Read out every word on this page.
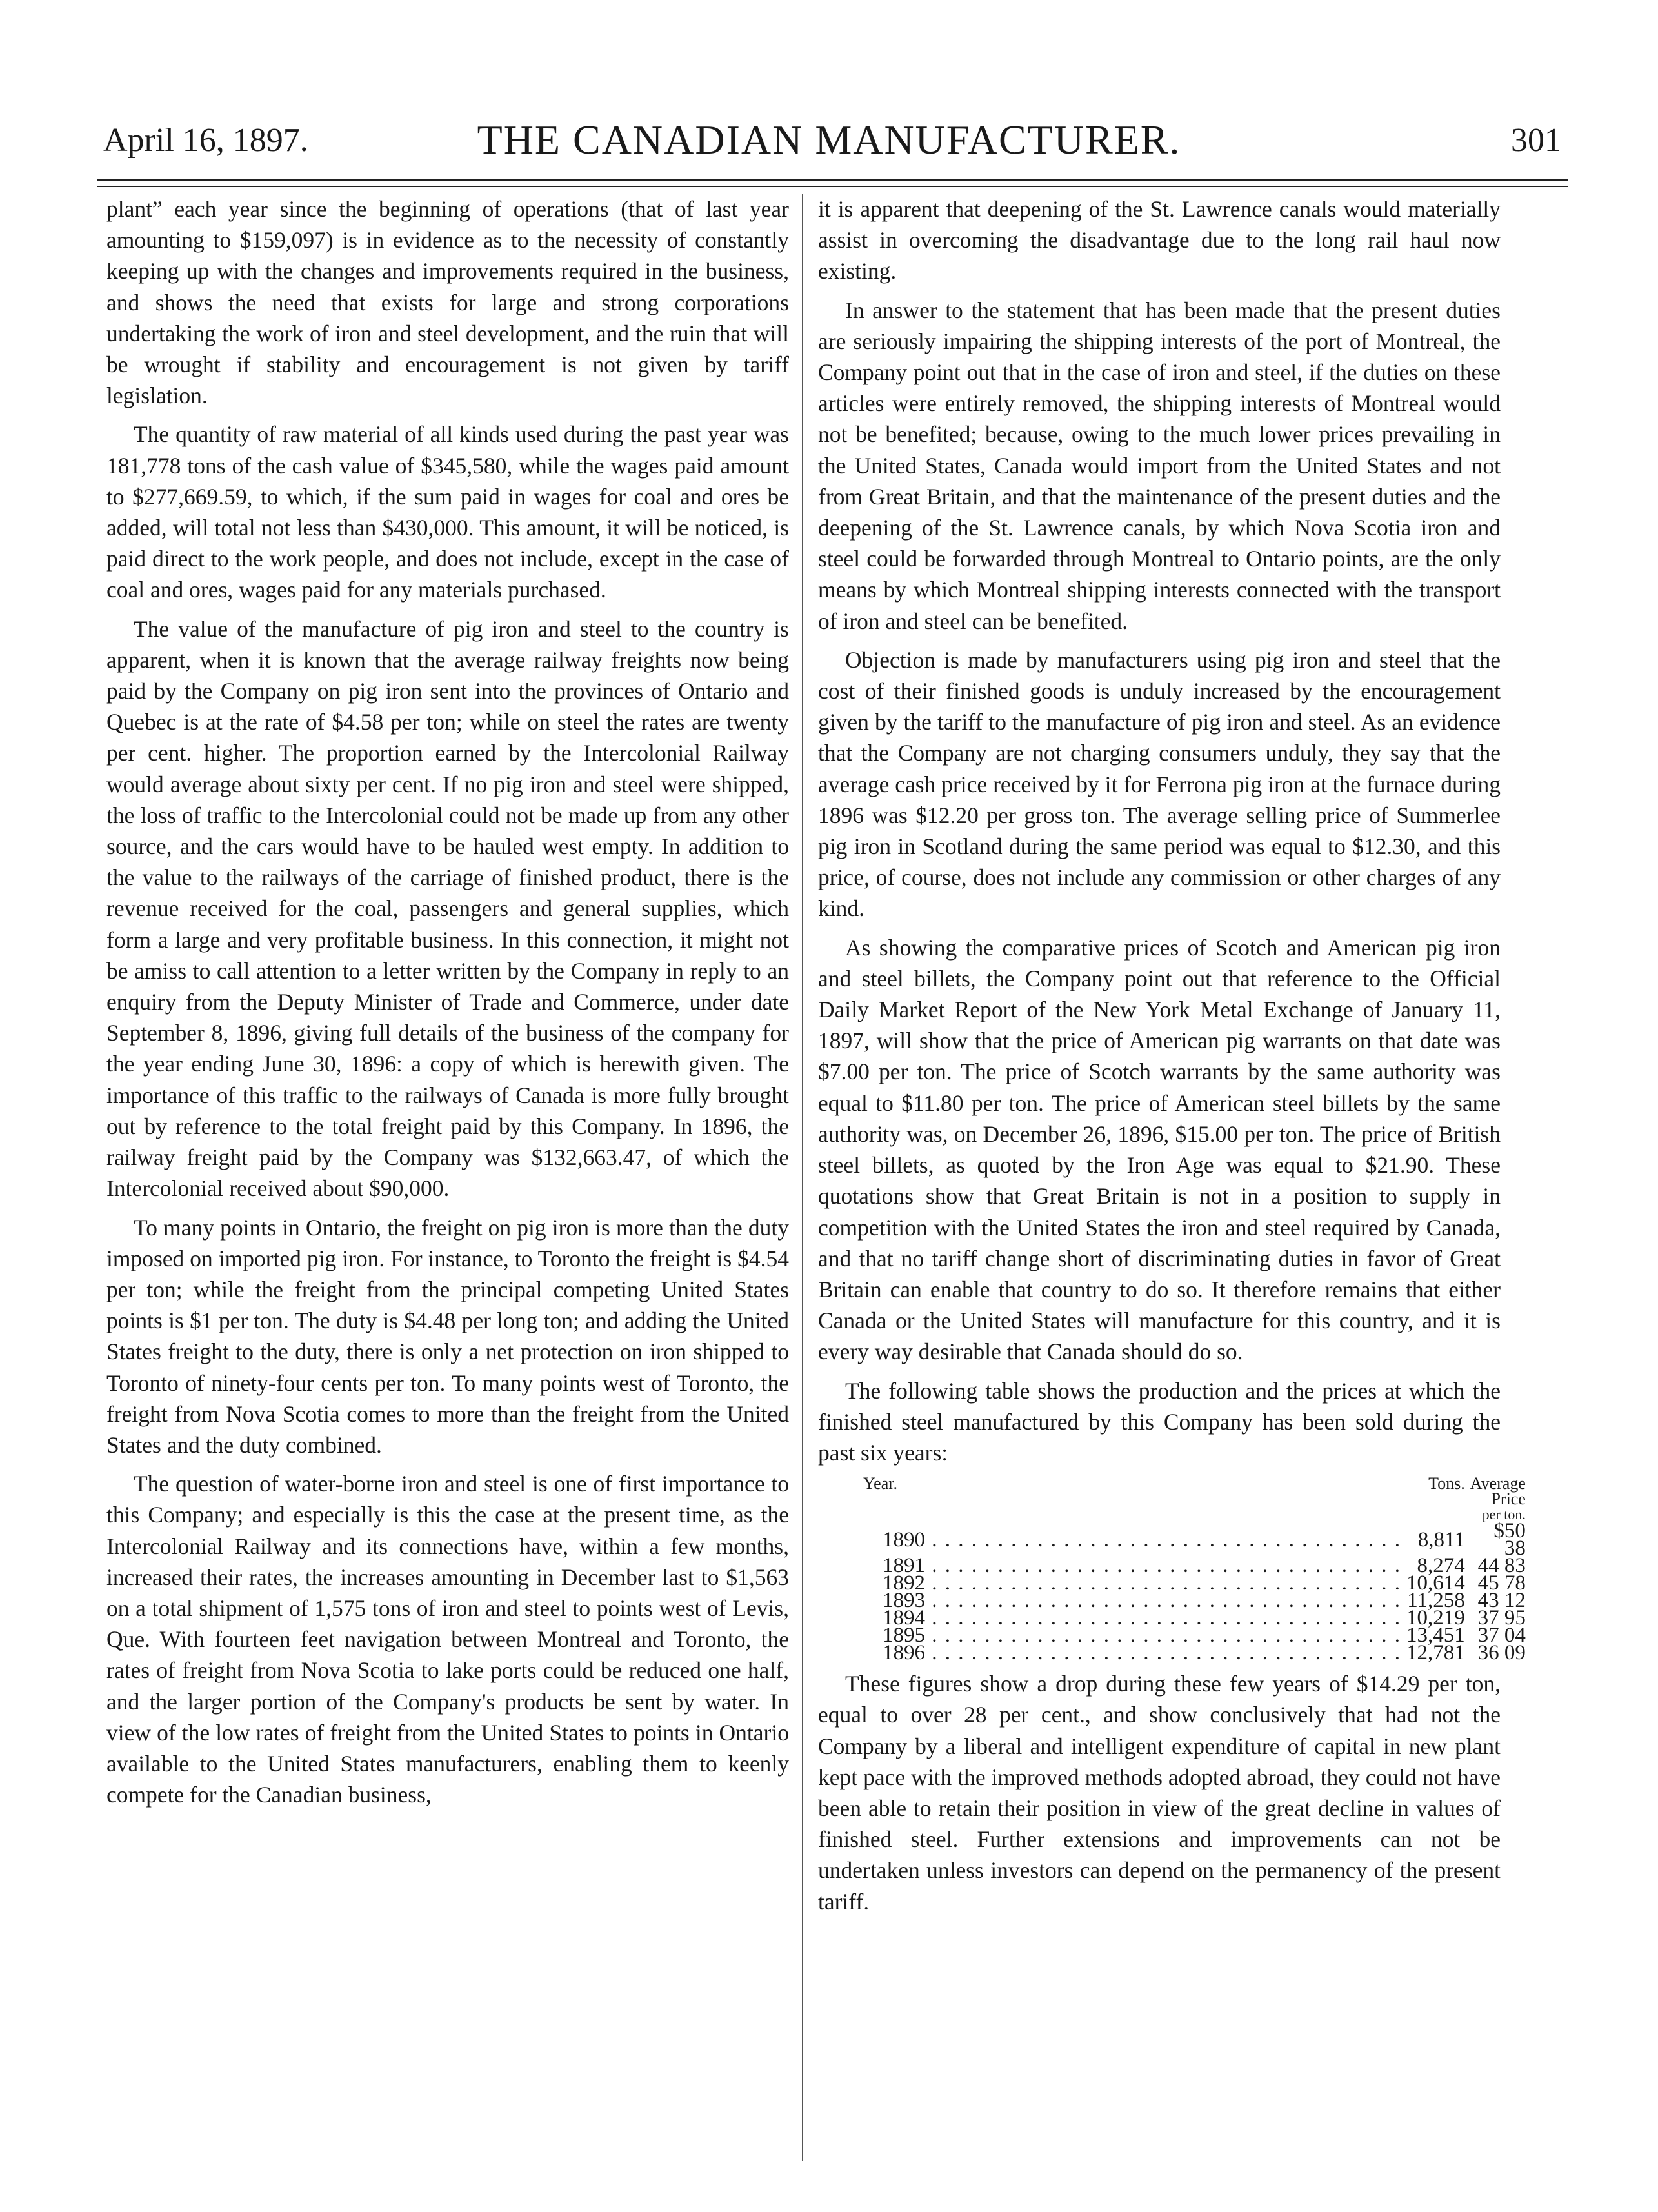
April 16, 1897.	THE CANADIAN MANUFACTURER.	301

plant” each year since the beginning of operations (that of last year amounting to $159,097) is in evidence as to the necessity of constantly keeping up with the changes and improvements required in the business, and shows the need that exists for large and strong corporations undertaking the work of iron and steel development, and the ruin that will be wrought if stability and encouragement is not given by tariff legislation.

The quantity of raw material of all kinds used during the past year was 181,778 tons of the cash value of $345,580, while the wages paid amount to $277,669.59, to which, if the sum paid in wages for coal and ores be added, will total not less than $430,000. This amount, it will be noticed, is paid direct to the work people, and does not include, except in the case of coal and ores, wages paid for any materials purchased.

The value of the manufacture of pig iron and steel to the country is apparent, when it is known that the average railway freights now being paid by the Company on pig iron sent into the provinces of Ontario and Quebec is at the rate of $4.58 per ton; while on steel the rates are twenty per cent. higher. The proportion earned by the Intercolonial Railway would average about sixty per cent. If no pig iron and steel were shipped, the loss of traffic to the Intercolonial could not be made up from any other source, and the cars would have to be hauled west empty. In addition to the value to the railways of the carriage of finished product, there is the revenue received for the coal, passengers and general supplies, which form a large and very profitable business. In this connection, it might not be amiss to call attention to a letter written by the Company in reply to an enquiry from the Deputy Minister of Trade and Commerce, under date September 8, 1896, giving full details of the business of the company for the year ending June 30, 1896: a copy of which is herewith given. The importance of this traffic to the railways of Canada is more fully brought out by reference to the total freight paid by this Company. In 1896, the railway freight paid by the Company was $132,663.47, of which the Intercolonial received about $90,000.

To many points in Ontario, the freight on pig iron is more than the duty imposed on imported pig iron. For instance, to Toronto the freight is $4.54 per ton; while the freight from the principal competing United States points is $1 per ton. The duty is $4.48 per long ton; and adding the United States freight to the duty, there is only a net protection on iron shipped to Toronto of ninety-four cents per ton. To many points west of Toronto, the freight from Nova Scotia comes to more than the freight from the United States and the duty combined.

The question of water-borne iron and steel is one of first importance to this Company; and especially is this the case at the present time, as the Intercolonial Railway and its connections have, within a few months, increased their rates, the increases amounting in December last to $1,563 on a total shipment of 1,575 tons of iron and steel to points west of Levis, Que. With fourteen feet navigation between Montreal and Toronto, the rates of freight from Nova Scotia to lake ports could be reduced one half, and the larger portion of the Company's products be sent by water. In view of the low rates of freight from the United States to points in Ontario available to the United States manufacturers, enabling them to keenly compete for the Canadian business,

it is apparent that deepening of the St. Lawrence canals would materially assist in overcoming the disadvantage due to the long rail haul now existing.

In answer to the statement that has been made that the present duties are seriously impairing the shipping interests of the port of Montreal, the Company point out that in the case of iron and steel, if the duties on these articles were entirely removed, the shipping interests of Montreal would not be benefited; because, owing to the much lower prices prevailing in the United States, Canada would import from the United States and not from Great Britain, and that the maintenance of the present duties and the deepening of the St. Lawrence canals, by which Nova Scotia iron and steel could be forwarded through Montreal to Ontario points, are the only means by which Montreal shipping interests connected with the transport of iron and steel can be benefited.

Objection is made by manufacturers using pig iron and steel that the cost of their finished goods is unduly increased by the encouragement given by the tariff to the manufacture of pig iron and steel. As an evidence that the Company are not charging consumers unduly, they say that the average cash price received by it for Ferrona pig iron at the furnace during 1896 was $12.20 per gross ton. The average selling price of Summerlee pig iron in Scotland during the same period was equal to $12.30, and this price, of course, does not include any commission or other charges of any kind.

As showing the comparative prices of Scotch and American pig iron and steel billets, the Company point out that reference to the Official Daily Market Report of the New York Metal Exchange of January 11, 1897, will show that the price of American pig warrants on that date was $7.00 per ton. The price of Scotch warrants by the same authority was equal to $11.80 per ton. The price of American steel billets by the same authority was, on December 26, 1896, $15.00 per ton. The price of British steel billets, as quoted by the Iron Age was equal to $21.90. These quotations show that Great Britain is not in a position to supply in competition with the United States the iron and steel required by Canada, and that no tariff change short of discriminating duties in favor of Great Britain can enable that country to do so. It therefore remains that either Canada or the United States will manufacture for this country, and it is every way desirable that Canada should do so.

The following table shows the production and the prices at which the finished steel manufactured by this Company has been sold during the past six years:

Year.	Tons.	Average Price
per ton.

1890 . . .	8,811	$50 38
1891 . . .	8,274	44 83
1892 . . .	10,614	45 78
1893 . . .	11,258	43 12
1894 . . .	10,219	37 95
1895 . . .	13,451	37 04
1896 . . .	12,781	36 09

These figures show a drop during these few years of $14.29 per ton, equal to over 28 per cent., and show conclusively that had not the Company by a liberal and intelligent expenditure of capital in new plant kept pace with the improved methods adopted abroad, they could not have been able to retain their position in view of the great decline in values of finished steel. Further extensions and improvements can not be undertaken unless investors can depend on the permanency of the present tariff.
